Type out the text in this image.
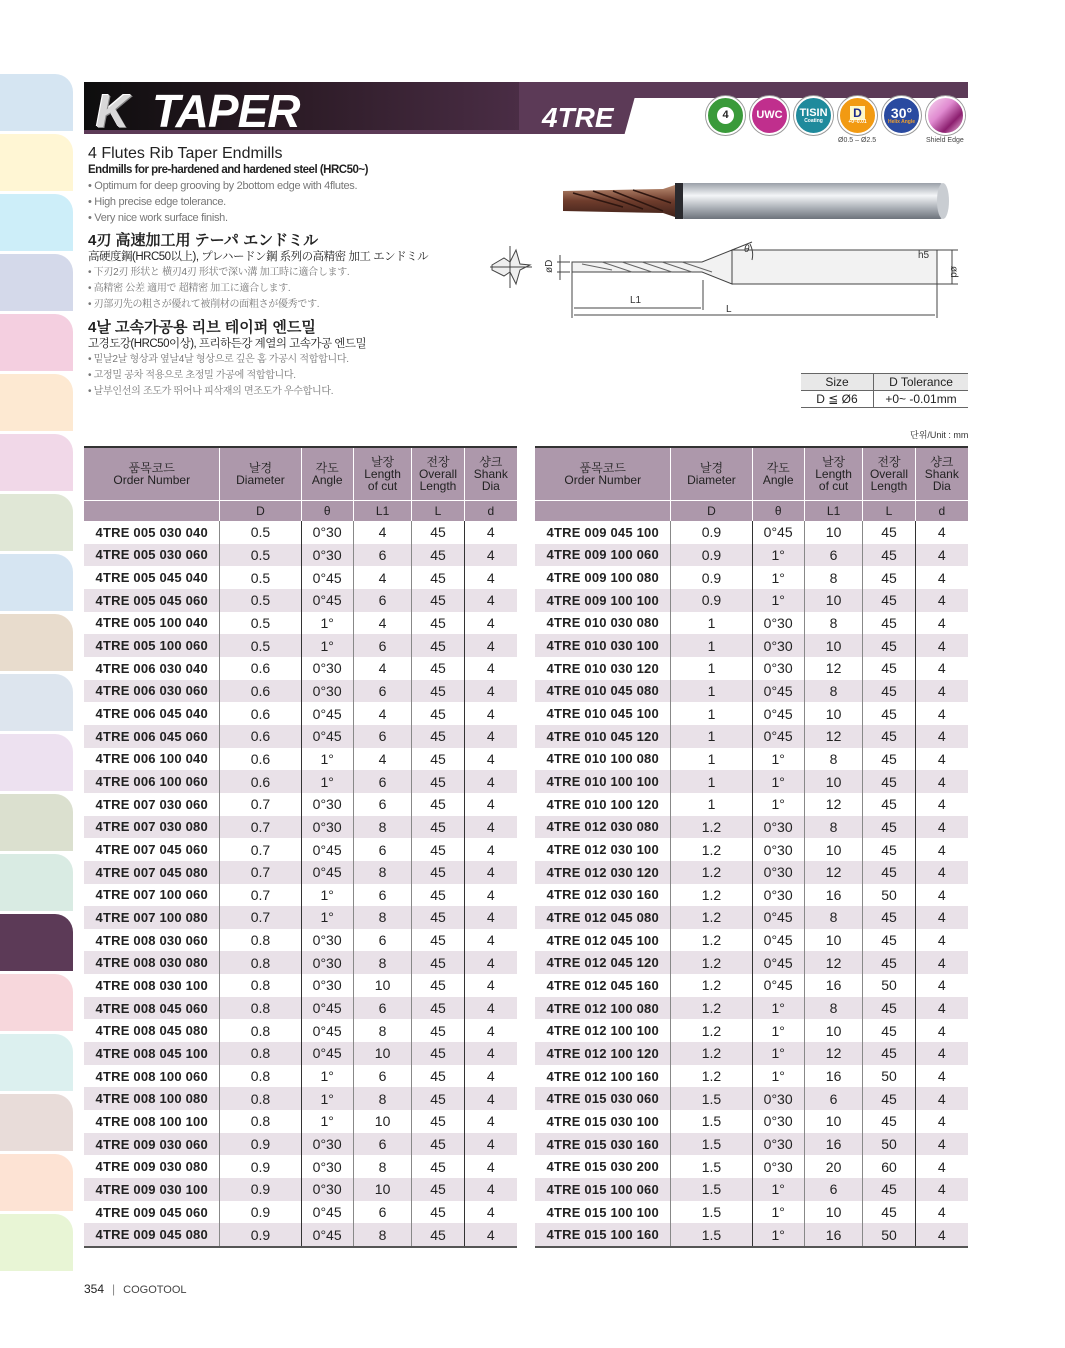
K TAPER	4TRE	4	UWC TISIN
Coating
D
+0~0.01
Ø0.5 – Ø2.5
30°
Helix Angle
Shield Edge

4 Flutes Rib Taper Endmills

Endmills for pre-hardened and hardened steel (HRC50~)

• Optimum for deep grooving by 2bottom edge with 4flutes.

• High precise edge tolerance.

• Very nice work surface finish.

4刃 高速加工用 テーパ エンドミル

高硬度鋼(HRC50以上), プレハードン鋼 系列の高精密 加工 エンドミル

• 下刃2刃 形状と 横刃4刃 形状で深い溝 加工時に適合します.

• 高精密 公差 適用で 超精密 加工に適合します.

• 刃部刃先の粗さが優れて被削材の面粗さが優秀です.

4날 고속가공용 리브 테이퍼 엔드밀

고경도강(HRC50이상), 프리하든강 계열의 고속가공 엔드밀

• 밑날2날 형상과 옆날4날 형상으로 깊은 홈 가공시 적합합니다.

• 고정밀 공차 적용으로 초정밀 가공에 적합합니다.

• 날부인선의 조도가 뛰어나 피삭재의 면조도가 우수합니다.

øD	ød
θ
h5
L1
L
Size	D Tolerance
D ≦ Ø6	+0~ -0.01mm
단위/Unit : mm
품목코드
Order Number	날경
Diameter	각도
Angle	날장
Length
of cut	전장
Overall
Length	샹크
Shank
Dia
	D	θ	L1	L	d
4TRE 005 030 040	0.5	0°30	4	45	4
4TRE 005 030 060	0.5	0°30	6	45	4
4TRE 005 045 040	0.5	0°45	4	45	4
4TRE 005 045 060	0.5	0°45	6	45	4
4TRE 005 100 040	0.5	1°	4	45	4
4TRE 005 100 060	0.5	1°	6	45	4
4TRE 006 030 040	0.6	0°30	4	45	4
4TRE 006 030 060	0.6	0°30	6	45	4
4TRE 006 045 040	0.6	0°45	4	45	4
4TRE 006 045 060	0.6	0°45	6	45	4
4TRE 006 100 040	0.6	1°	4	45	4
4TRE 006 100 060	0.6	1°	6	45	4
4TRE 007 030 060	0.7	0°30	6	45	4
4TRE 007 030 080	0.7	0°30	8	45	4
4TRE 007 045 060	0.7	0°45	6	45	4
4TRE 007 045 080	0.7	0°45	8	45	4
4TRE 007 100 060	0.7	1°	6	45	4
4TRE 007 100 080	0.7	1°	8	45	4
4TRE 008 030 060	0.8	0°30	6	45	4
4TRE 008 030 080	0.8	0°30	8	45	4
4TRE 008 030 100	0.8	0°30	10	45	4
4TRE 008 045 060	0.8	0°45	6	45	4
4TRE 008 045 080	0.8	0°45	8	45	4
4TRE 008 045 100	0.8	0°45	10	45	4
4TRE 008 100 060	0.8	1°	6	45	4
4TRE 008 100 080	0.8	1°	8	45	4
4TRE 008 100 100	0.8	1°	10	45	4
4TRE 009 030 060	0.9	0°30	6	45	4
4TRE 009 030 080	0.9	0°30	8	45	4
4TRE 009 030 100	0.9	0°30	10	45	4
4TRE 009 045 060	0.9	0°45	6	45	4
4TRE 009 045 080	0.9	0°45	8	45	4
품목코드
Order Number	날경
Diameter	각도
Angle	날장
Length
of cut	전장
Overall
Length	샹크
Shank
Dia
	D	θ	L1	L	d
4TRE 009 045 100	0.9	0°45	10	45	4
4TRE 009 100 060	0.9	1°	6	45	4
4TRE 009 100 080	0.9	1°	8	45	4
4TRE 009 100 100	0.9	1°	10	45	4
4TRE 010 030 080	1	0°30	8	45	4
4TRE 010 030 100	1	0°30	10	45	4
4TRE 010 030 120	1	0°30	12	45	4
4TRE 010 045 080	1	0°45	8	45	4
4TRE 010 045 100	1	0°45	10	45	4
4TRE 010 045 120	1	0°45	12	45	4
4TRE 010 100 080	1	1°	8	45	4
4TRE 010 100 100	1	1°	10	45	4
4TRE 010 100 120	1	1°	12	45	4
4TRE 012 030 080	1.2	0°30	8	45	4
4TRE 012 030 100	1.2	0°30	10	45	4
4TRE 012 030 120	1.2	0°30	12	45	4
4TRE 012 030 160	1.2	0°30	16	50	4
4TRE 012 045 080	1.2	0°45	8	45	4
4TRE 012 045 100	1.2	0°45	10	45	4
4TRE 012 045 120	1.2	0°45	12	45	4
4TRE 012 045 160	1.2	0°45	16	50	4
4TRE 012 100 080	1.2	1°	8	45	4
4TRE 012 100 100	1.2	1°	10	45	4
4TRE 012 100 120	1.2	1°	12	45	4
4TRE 012 100 160	1.2	1°	16	50	4
4TRE 015 030 060	1.5	0°30	6	45	4
4TRE 015 030 100	1.5	0°30	10	45	4
4TRE 015 030 160	1.5	0°30	16	50	4
4TRE 015 030 200	1.5	0°30	20	60	4
4TRE 015 100 060	1.5	1°	6	45	4
4TRE 015 100 100	1.5	1°	10	45	4
4TRE 015 100 160	1.5	1°	16	50	4
354 | COGOTOOL
